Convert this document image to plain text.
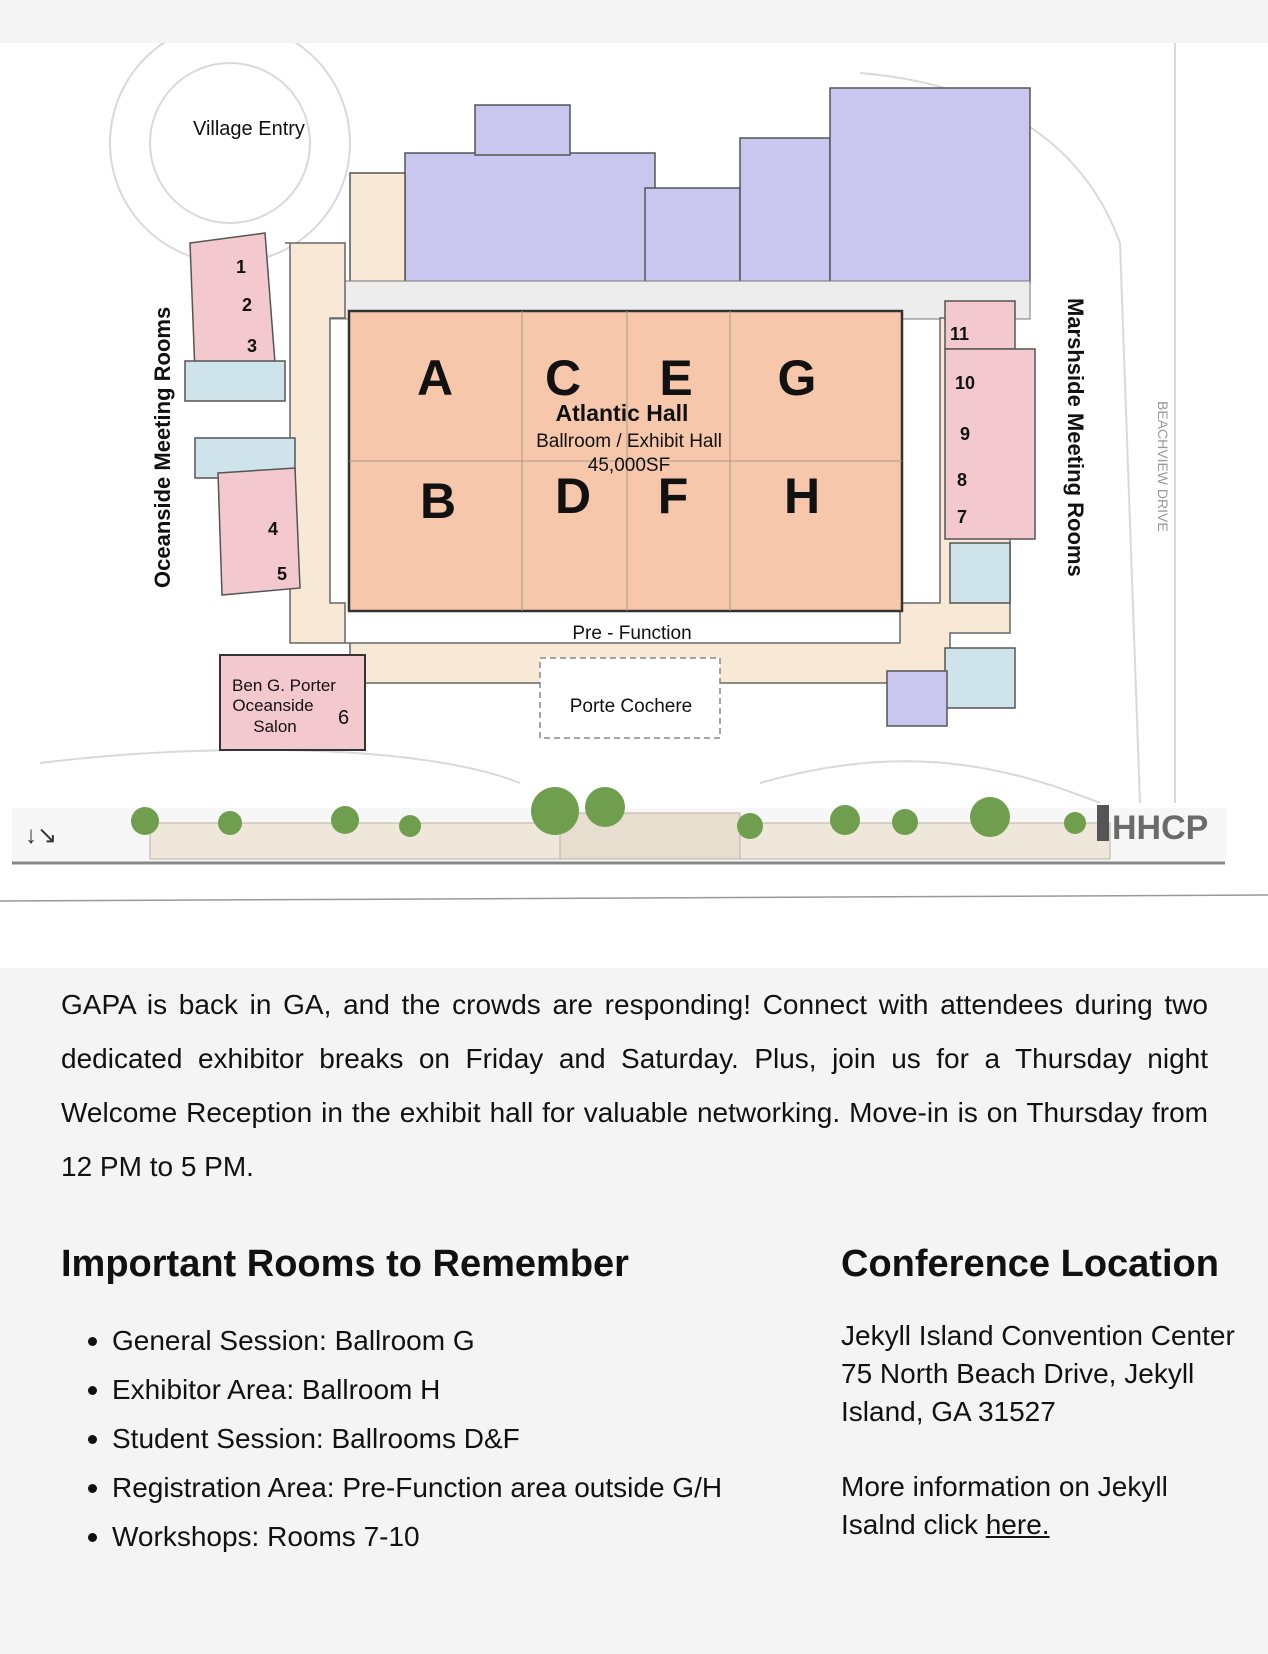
HHCP
↓↘
Village Entry
Oceanside Meeting Rooms	Marshside Meeting Rooms	BEACHVIEW DRIVE
A
B
C
D
E
F
G
H
Atlantic Hall
Ballroom / Exhibit Hall
45,000SF
1
2
3
4
5
7
8
9
10
11
Ben G. Porter
Oceanside
Salon 6
Pre - Function
Porte Cochere

GAPA is back in GA, and the crowds are responding! Connect with attendees during two dedicated exhibitor breaks on Friday and Saturday. Plus, join us for a Thursday night Welcome Reception in the exhibit hall for valuable networking. Move-in is on Thursday from 12 PM to 5 PM.

Important Rooms to Remember
General Session: Ballroom G
Exhibitor Area: Ballroom H
Student Session: Ballrooms D&F
Registration Area: Pre-Function area outside G/H
Workshops: Rooms 7-10
Conference Location

Jekyll Island Convention Center 75 North Beach Drive, Jekyll Island, GA 31527

More information on Jekyll Isalnd click here.
